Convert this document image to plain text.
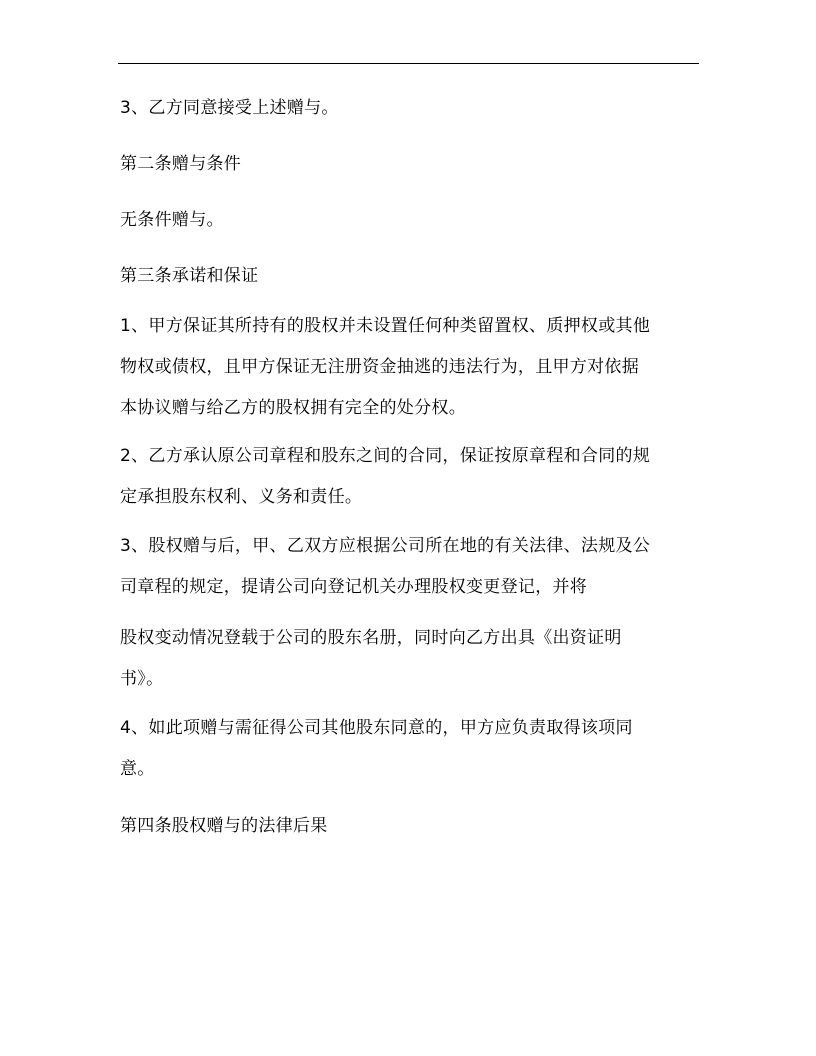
3、乙方同意接受上述赠与。

第二条赠与条件

无条件赠与。

第三条承诺和保证

1、甲方保证其所持有的股权并未设置任何种类留置权、质押权或其他
物权或债权，且甲方保证无注册资金抽逃的违法行为，且甲方对依据
本协议赠与给乙方的股权拥有完全的处分权。

2、乙方承认原公司章程和股东之间的合同，保证按原章程和合同的规
定承担股东权利、义务和责任。

3、股权赠与后，甲、乙双方应根据公司所在地的有关法律、法规及公
司章程的规定，提请公司向登记机关办理股权变更登记，并将

股权变动情况登载于公司的股东名册，同时向乙方出具《出资证明
书》。

4、如此项赠与需征得公司其他股东同意的，甲方应负责取得该项同
意。

第四条股权赠与的法律后果
